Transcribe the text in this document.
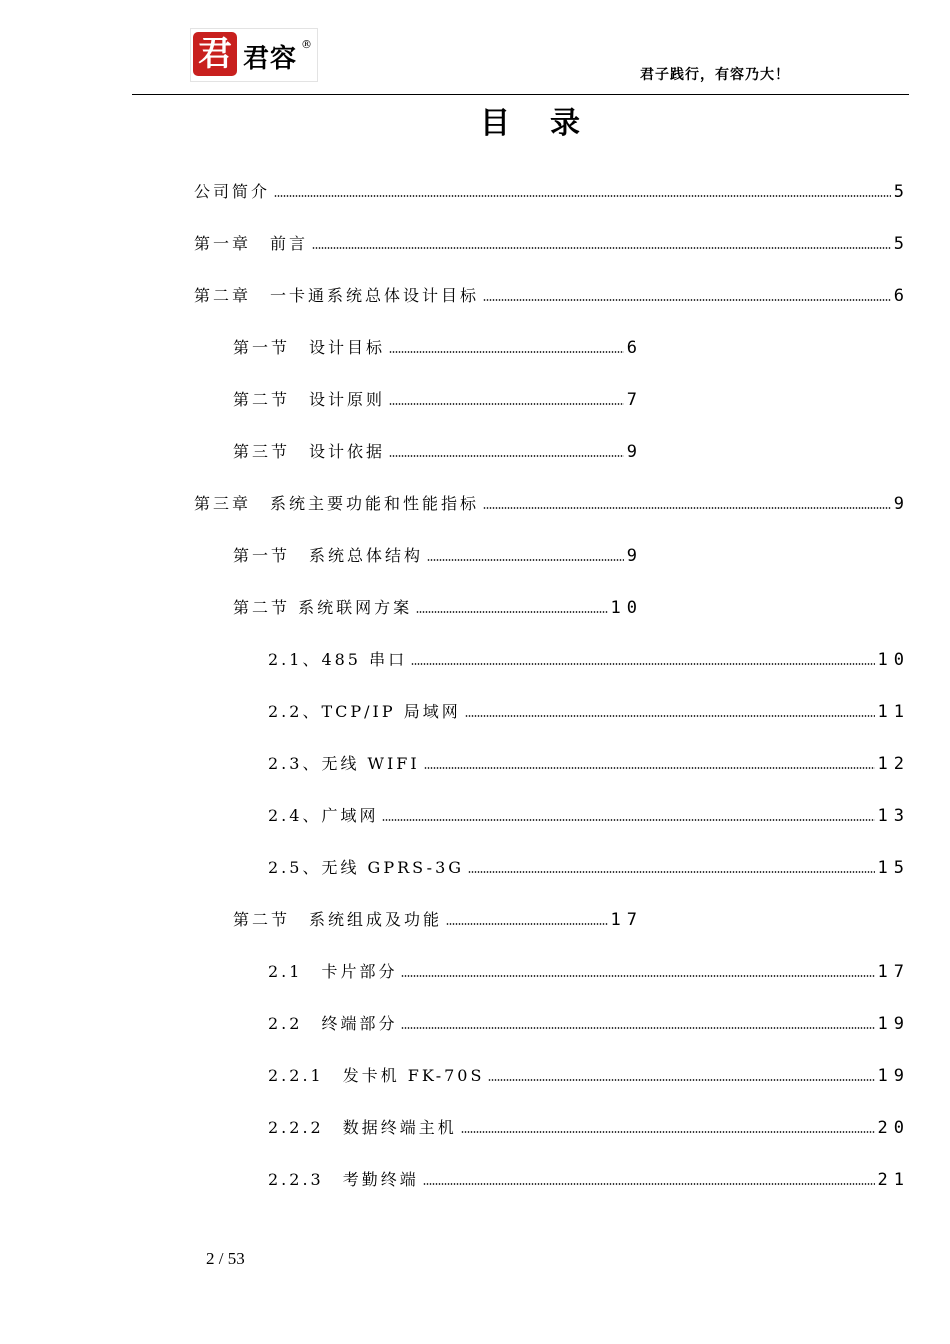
君 君容 ®
君子践行，有容乃大！
目录
公司简介	5
第一章　前言	5
第二章　一卡通系统总体设计目标	6
第一节　设计目标	6
第二节　设计原则	7
第三节　设计依据	9
第三章　系统主要功能和性能指标	9
第一节　系统总体结构	9
第二节 系统联网方案	10
2.1、485 串口	10
2.2、TCP/IP 局域网	11
2.3、无线 WIFI	12
2.4、广域网	13
2.5、无线 GPRS-3G	15
第二节　系统组成及功能	17
2.1　卡片部分	17
2.2　终端部分	19
2.2.1　发卡机 FK-70S	19
2.2.2　数据终端主机	20
2.2.3　考勤终端	21
2 / 53
